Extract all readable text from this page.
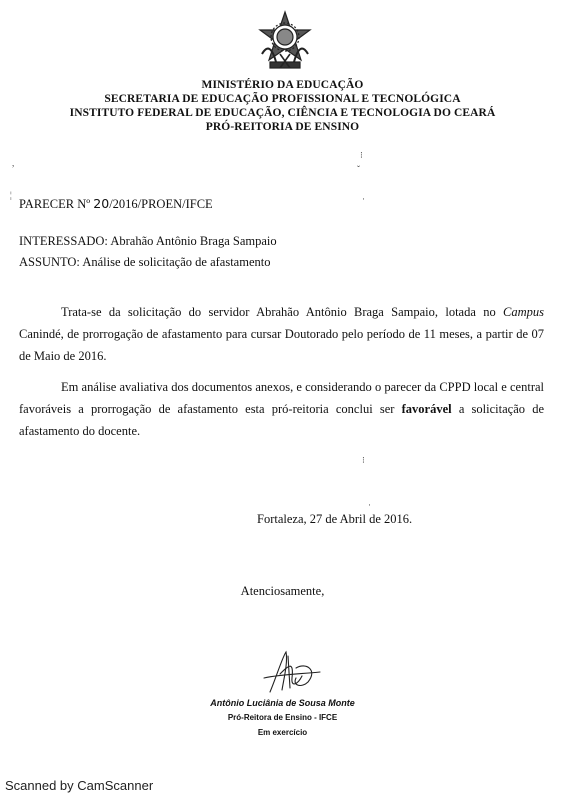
MINISTÉRIO DA EDUCAÇÃO
SECRETARIA DE EDUCAÇÃO PROFISSIONAL E TECNOLÓGICA
INSTITUTO FEDERAL DE EDUCAÇÃO, CIÊNCIA E TECNOLOGIA DO CEARÁ
PRÓ-REITORIA DE ENSINO
,
⁝
ˇ
¦	·
⁝
·
PARECER Nº 20/2016/PROEN/IFCE
INTERESSADO: Abrahão Antônio Braga Sampaio
ASSUNTO: Análise de solicitação de afastamento
Trata-se da solicitação do servidor Abrahão Antônio Braga Sampaio, lotada no Campus Canindé, de prorrogação de afastamento para cursar Doutorado pelo período de 11 meses, a partir de 07 de Maio de 2016.
Em análise avaliativa dos documentos anexos, e considerando o parecer da CPPD local e central favoráveis a prorrogação de afastamento esta pró-reitoria conclui ser favorável a solicitação de afastamento do docente.
Fortaleza, 27 de Abril de 2016.
Atenciosamente,
Antônio Luciânia de Sousa Monte
Pró-Reitora de Ensino - IFCE
Em exercício
Scanned by CamScanner
